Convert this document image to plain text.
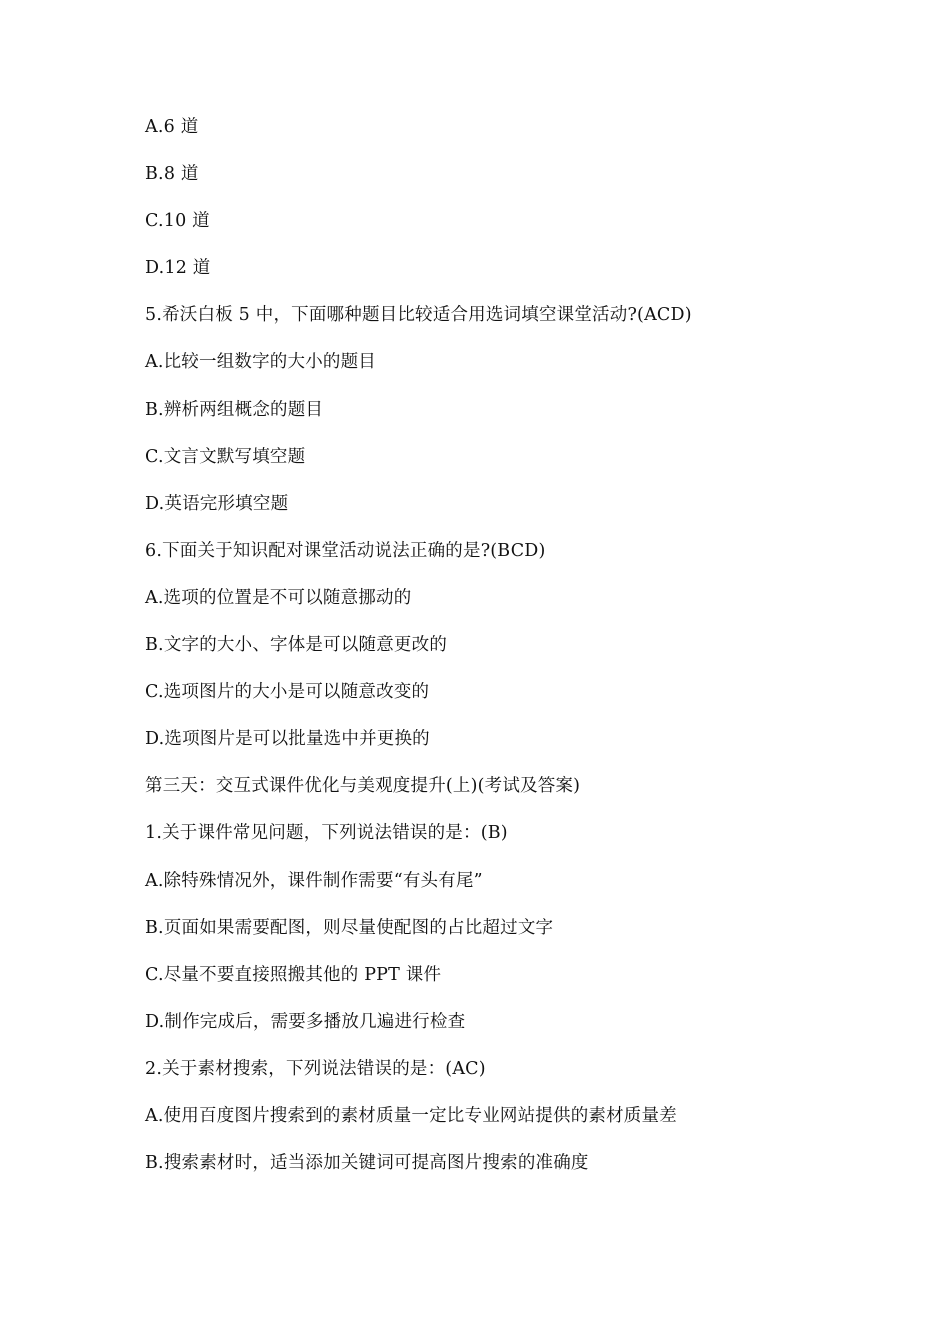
A.6 道
B.8 道
C.10 道
D.12 道
5.希沃白板 5 中，下面哪种题目比较适合用选词填空课堂活动?(ACD)
A.比较一组数字的大小的题目
B.辨析两组概念的题目
C.文言文默写填空题
D.英语完形填空题
6.下面关于知识配对课堂活动说法正确的是?(BCD)
A.选项的位置是不可以随意挪动的
B.文字的大小、字体是可以随意更改的
C.选项图片的大小是可以随意改变的
D.选项图片是可以批量选中并更换的
第三天：交互式课件优化与美观度提升(上)(考试及答案)
1.关于课件常见问题，下列说法错误的是：(B)
A.除特殊情况外，课件制作需要“有头有尾”
B.页面如果需要配图，则尽量使配图的占比超过文字
C.尽量不要直接照搬其他的 PPT 课件
D.制作完成后，需要多播放几遍进行检查
2.关于素材搜索，下列说法错误的是：(AC)
A.使用百度图片搜索到的素材质量一定比专业网站提供的素材质量差
B.搜索素材时，适当添加关键词可提高图片搜索的准确度
